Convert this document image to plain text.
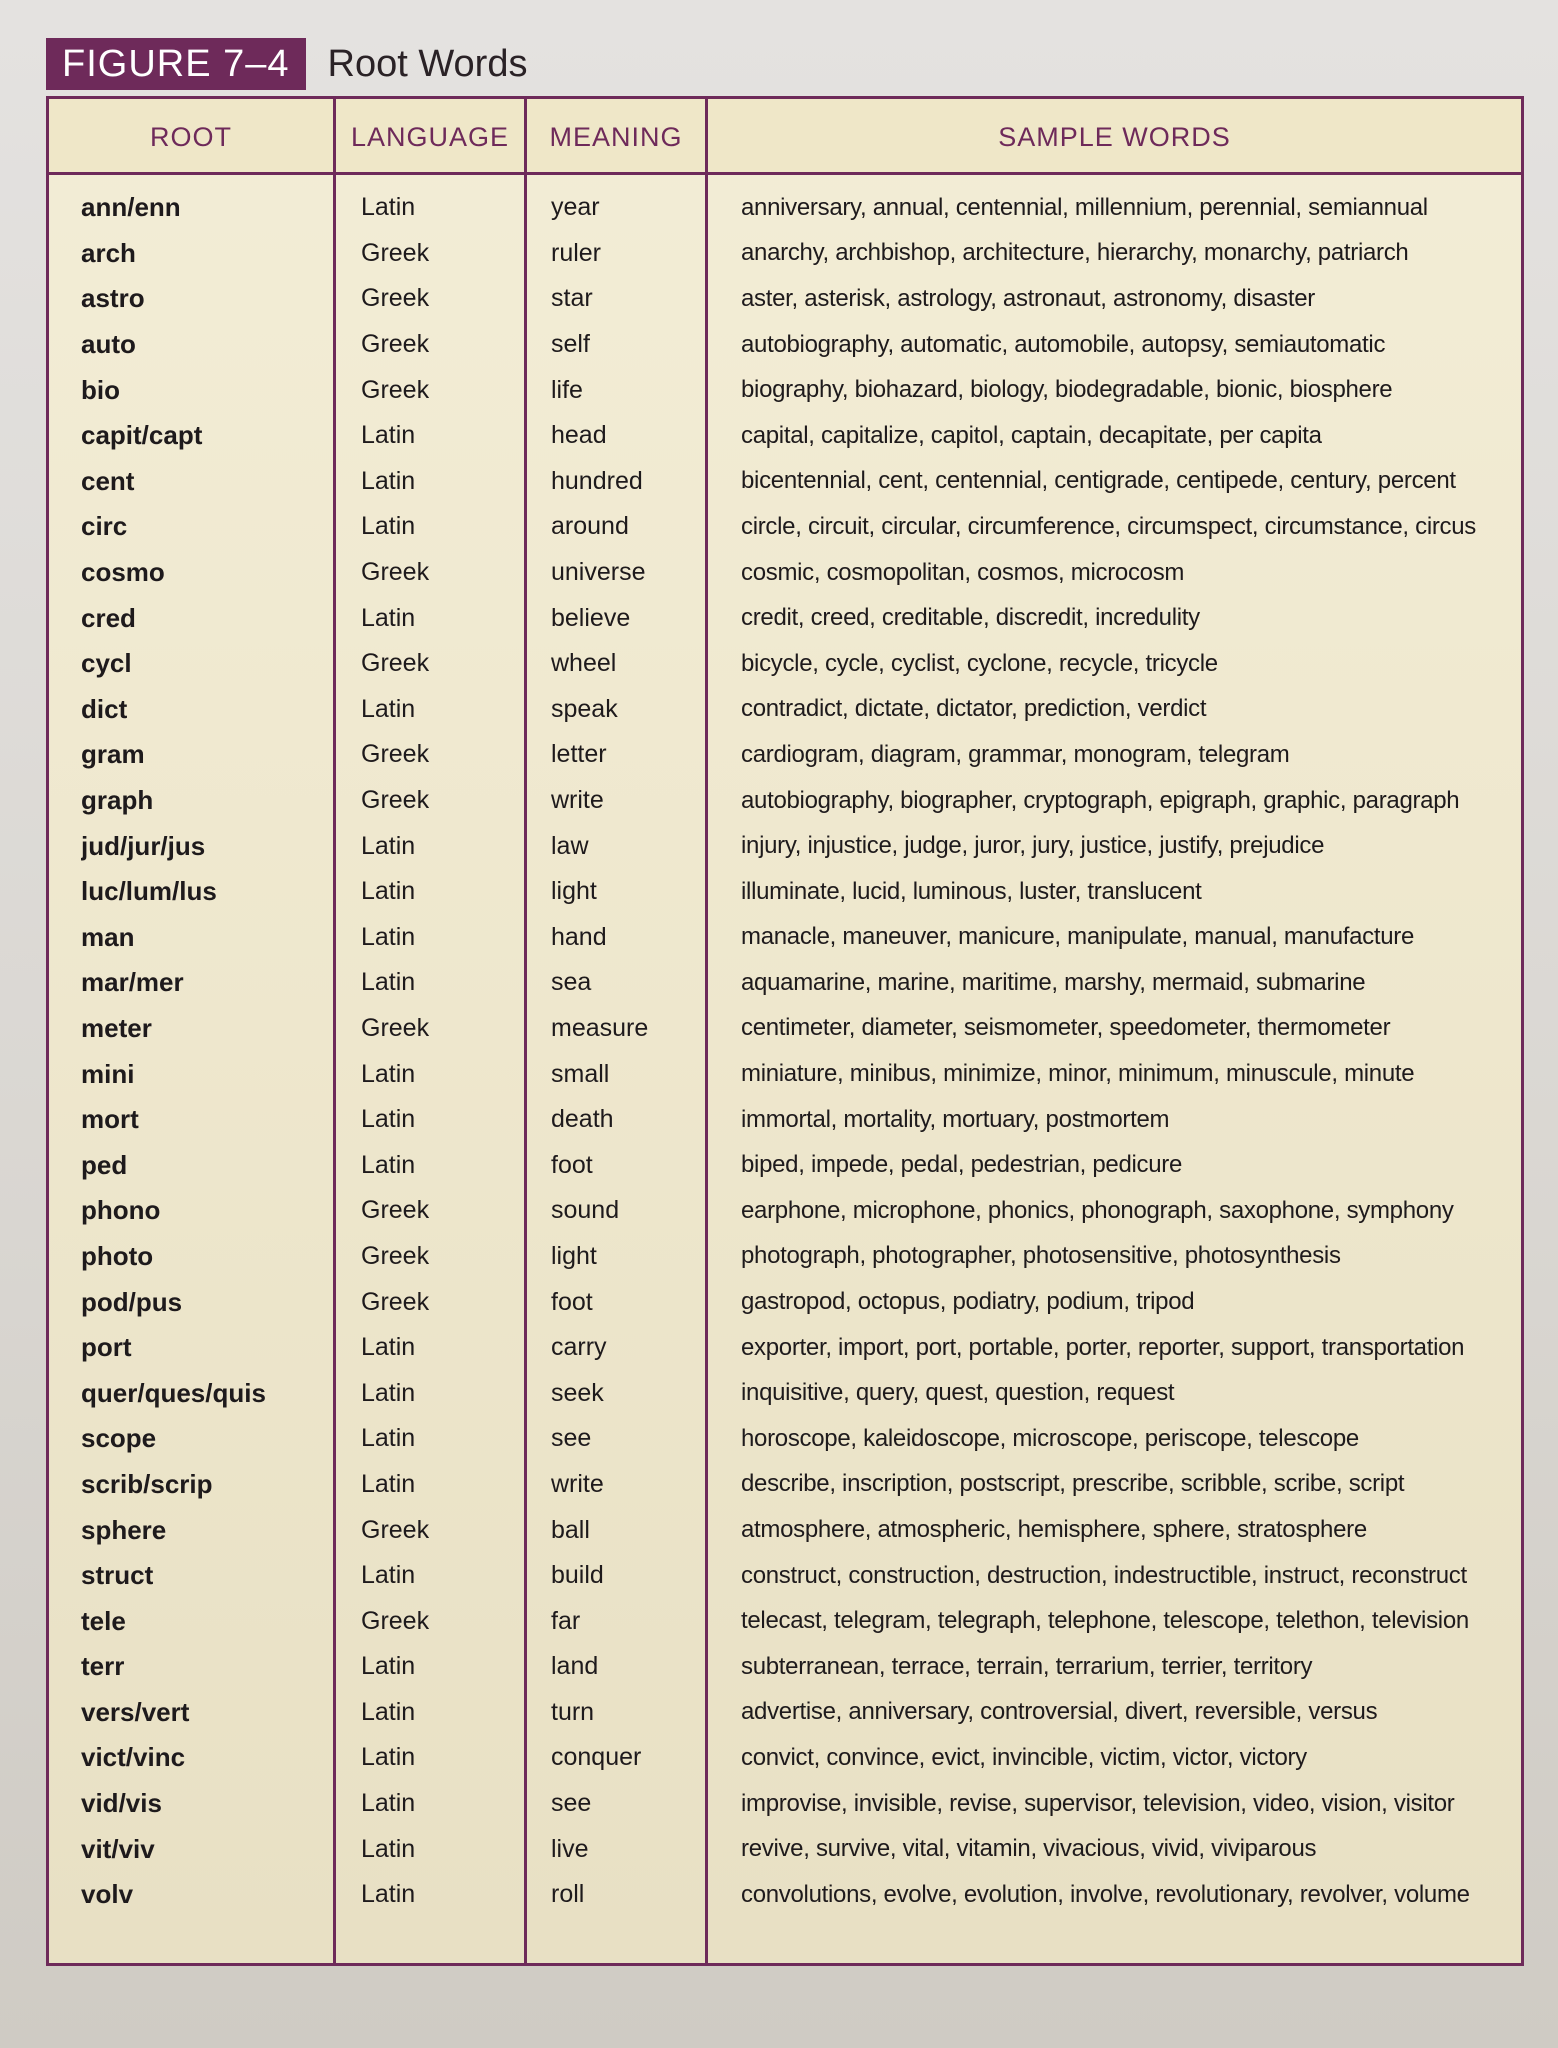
FIGURE 7–4	Root Words
ROOT	LANGUAGE	MEANING	SAMPLE WORDS
ann/enn	Latin	year	anniversary, annual, centennial, millennium, perennial, semiannual
arch	Greek	ruler	anarchy, archbishop, architecture, hierarchy, monarchy, patriarch
astro	Greek	star	aster, asterisk, astrology, astronaut, astronomy, disaster
auto	Greek	self	autobiography, automatic, automobile, autopsy, semiautomatic
bio	Greek	life	biography, biohazard, biology, biodegradable, bionic, biosphere
capit/capt	Latin	head	capital, capitalize, capitol, captain, decapitate, per capita
cent	Latin	hundred	bicentennial, cent, centennial, centigrade, centipede, century, percent
circ	Latin	around	circle, circuit, circular, circumference, circumspect, circumstance, circus
cosmo	Greek	universe	cosmic, cosmopolitan, cosmos, microcosm
cred	Latin	believe	credit, creed, creditable, discredit, incredulity
cycl	Greek	wheel	bicycle, cycle, cyclist, cyclone, recycle, tricycle
dict	Latin	speak	contradict, dictate, dictator, prediction, verdict
gram	Greek	letter	cardiogram, diagram, grammar, monogram, telegram
graph	Greek	write	autobiography, biographer, cryptograph, epigraph, graphic, paragraph
jud/jur/jus	Latin	law	injury, injustice, judge, juror, jury, justice, justify, prejudice
luc/lum/lus	Latin	light	illuminate, lucid, luminous, luster, translucent
man	Latin	hand	manacle, maneuver, manicure, manipulate, manual, manufacture
mar/mer	Latin	sea	aquamarine, marine, maritime, marshy, mermaid, submarine
meter	Greek	measure	centimeter, diameter, seismometer, speedometer, thermometer
mini	Latin	small	miniature, minibus, minimize, minor, minimum, minuscule, minute
mort	Latin	death	immortal, mortality, mortuary, postmortem
ped	Latin	foot	biped, impede, pedal, pedestrian, pedicure
phono	Greek	sound	earphone, microphone, phonics, phonograph, saxophone, symphony
photo	Greek	light	photograph, photographer, photosensitive, photosynthesis
pod/pus	Greek	foot	gastropod, octopus, podiatry, podium, tripod
port	Latin	carry	exporter, import, port, portable, porter, reporter, support, transportation
quer/ques/quis	Latin	seek	inquisitive, query, quest, question, request
scope	Latin	see	horoscope, kaleidoscope, microscope, periscope, telescope
scrib/scrip	Latin	write	describe, inscription, postscript, prescribe, scribble, scribe, script
sphere	Greek	ball	atmosphere, atmospheric, hemisphere, sphere, stratosphere
struct	Latin	build	construct, construction, destruction, indestructible, instruct, reconstruct
tele	Greek	far	telecast, telegram, telegraph, telephone, telescope, telethon, television
terr	Latin	land	subterranean, terrace, terrain, terrarium, terrier, territory
vers/vert	Latin	turn	advertise, anniversary, controversial, divert, reversible, versus
vict/vinc	Latin	conquer	convict, convince, evict, invincible, victim, victor, victory
vid/vis	Latin	see	improvise, invisible, revise, supervisor, television, video, vision, visitor
vit/viv	Latin	live	revive, survive, vital, vitamin, vivacious, vivid, viviparous
volv	Latin	roll	convolutions, evolve, evolution, involve, revolutionary, revolver, volume
